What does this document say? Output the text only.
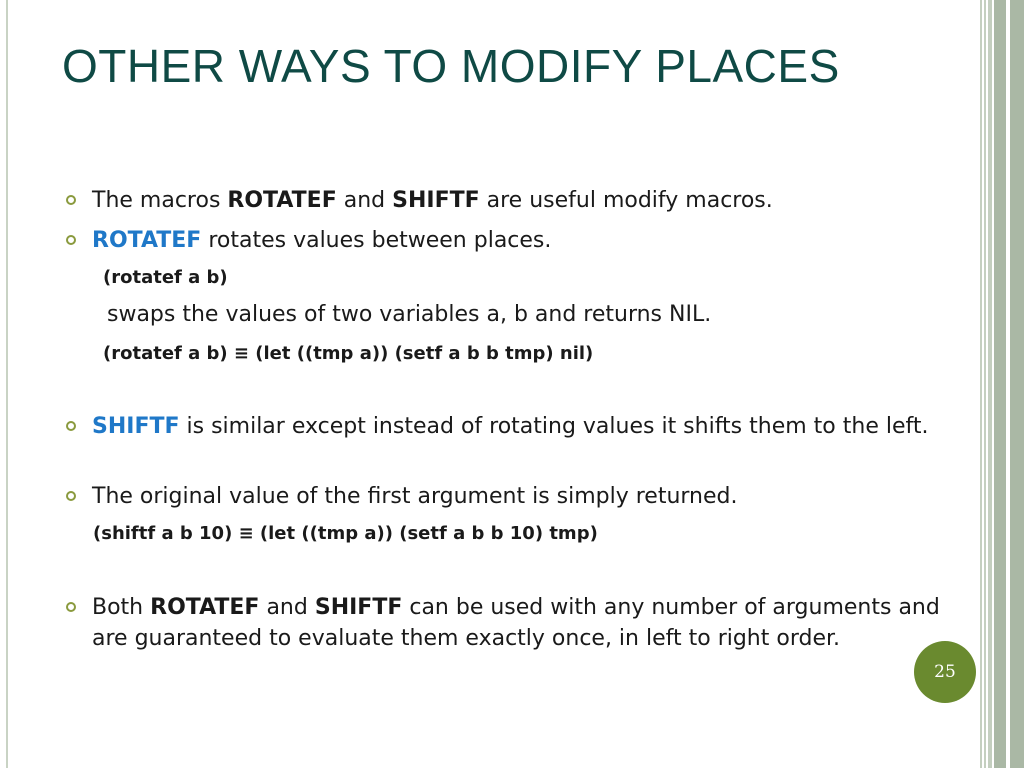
OTHER WAYS TO MODIFY PLACES
The macros ROTATEF and SHIFTF are useful modify macros.
ROTATEF rotates values between places.
(rotatef a b)
swaps the values of two variables a, b and returns NIL.
(rotatef a b) ≡ (let ((tmp a)) (setf a b b tmp) nil)
SHIFTF is similar except instead of rotating values it shifts them to the left.
The original value of the first argument is simply returned.
(shiftf a b 10) ≡ (let ((tmp a)) (setf a b b 10) tmp)
Both ROTATEF and SHIFTF can be used with any number of arguments and are guaranteed to evaluate them exactly once, in left to right order.
25
